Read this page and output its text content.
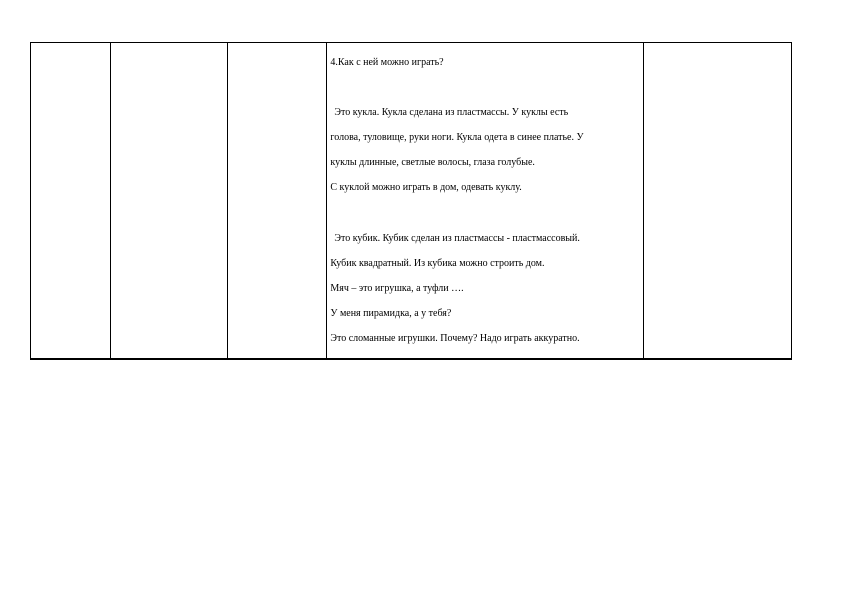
4.Как с ней можно играть?

Это кукла. Кукла сделана из пластмассы. У куклы есть

голова, туловище, руки ноги. Кукла одета в синее платье. У

куклы длинные, светлые волосы, глаза голубые.

С куклой можно играть в дом, одевать куклу.

Это кубик. Кубик сделан из пластмассы - пластмассовый.

Кубик квадратный. Из кубика можно строить дом.

Мяч – это игрушка, а туфли ….

У меня пирамидка, а у тебя?

Это сломанные игрушки. Почему? Надо играть аккуратно.
